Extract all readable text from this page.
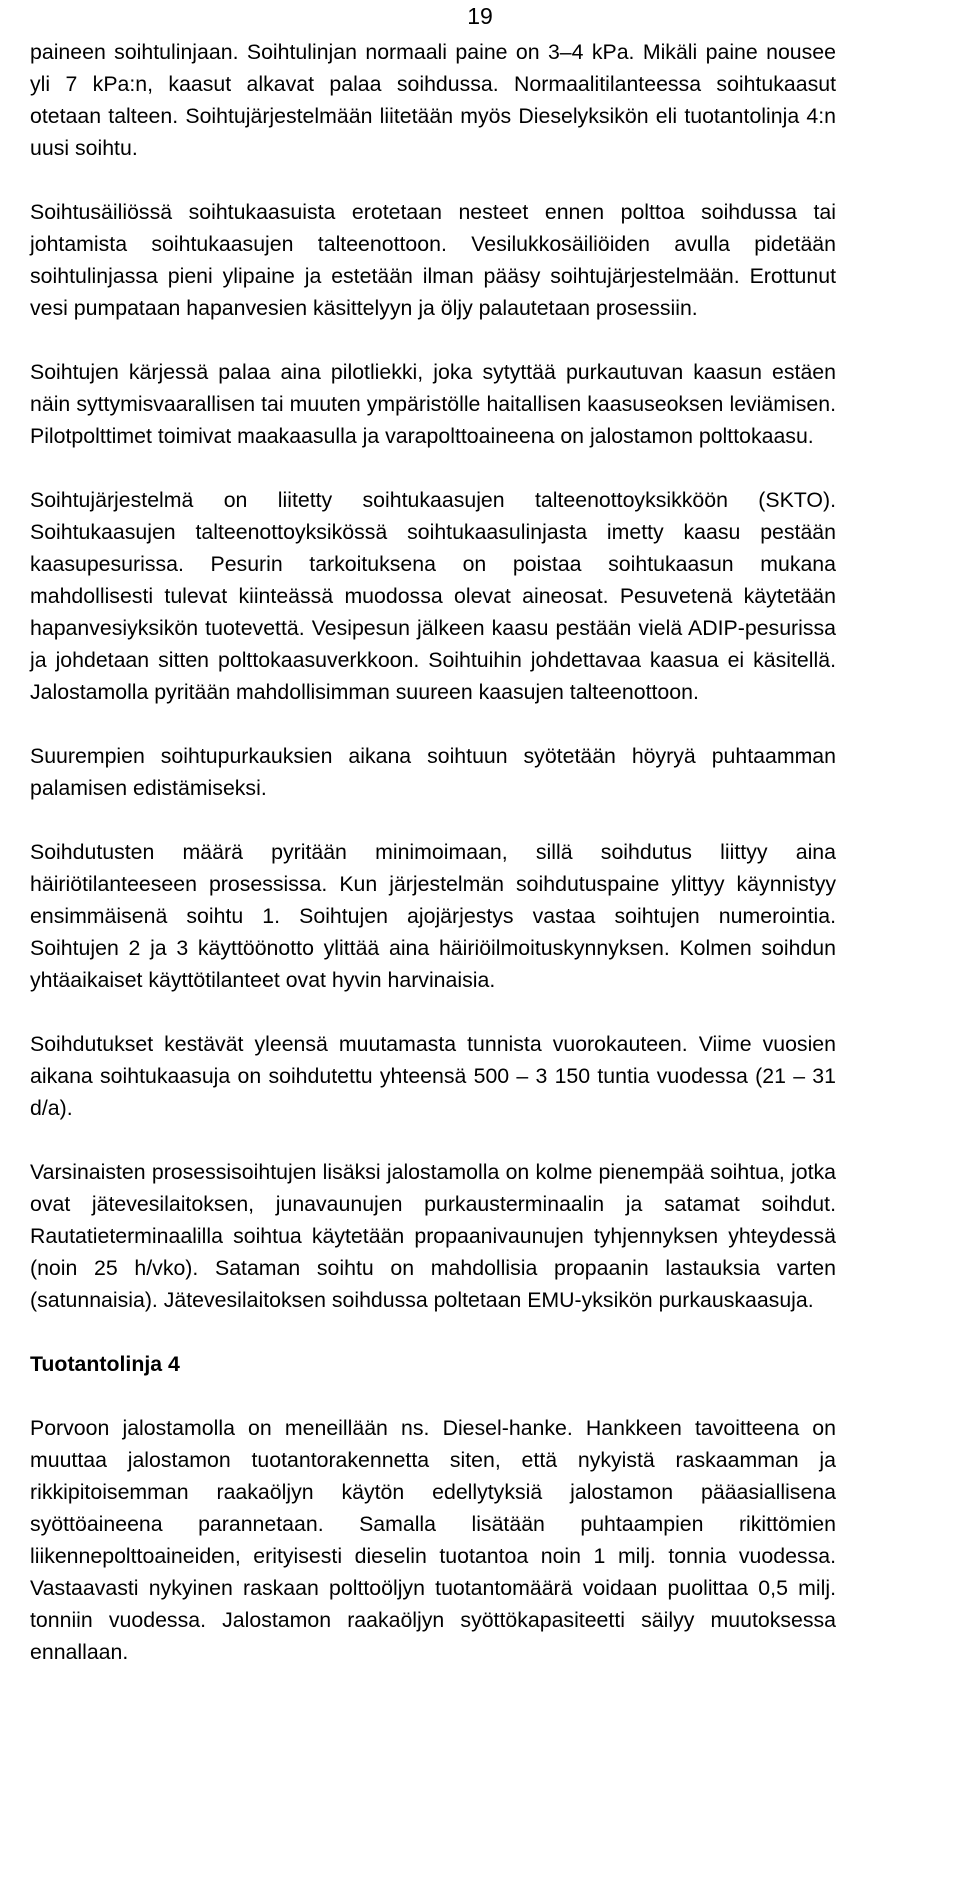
19

paineen soihtulinjaan. Soihtulinjan normaali paine on 3–4 kPa. Mikäli paine nousee yli 7 kPa:n, kaasut alkavat palaa soihdussa. Normaalitilanteessa soihtukaasut otetaan talteen. Soihtujärjestelmään liitetään myös Dieselyksikön eli tuotantolinja 4:n uusi soihtu.

Soihtusäiliössä soihtukaasuista erotetaan nesteet ennen polttoa soihdussa tai johtamista soihtukaasujen talteenottoon. Vesilukkosäiliöiden avulla pidetään soihtulinjassa pieni ylipaine ja estetään ilman pääsy soihtujärjestelmään. Erottunut vesi pumpataan hapanvesien käsittelyyn ja öljy palautetaan prosessiin.

Soihtujen kärjessä palaa aina pilotliekki, joka sytyttää purkautuvan kaasun estäen näin syttymisvaarallisen tai muuten ympäristölle haitallisen kaasuseoksen leviämisen. Pilotpolttimet toimivat maakaasulla ja varapolttoaineena on jalostamon polttokaasu.

Soihtujärjestelmä on liitetty soihtukaasujen talteenottoyksikköön (SKTO). Soihtukaasujen talteenottoyksikössä soihtukaasulinjasta imetty kaasu pestään kaasupesurissa. Pesurin tarkoituksena on poistaa soihtukaasun mukana mahdollisesti tulevat kiinteässä muodossa olevat aineosat. Pesuvetenä käytetään hapanvesiyksikön tuotevettä. Vesipesun jälkeen kaasu pestään vielä ADIP-pesurissa ja johdetaan sitten polttokaasuverkkoon. Soihtuihin johdettavaa kaasua ei käsitellä. Jalostamolla pyritään mahdollisimman suureen kaasujen talteenottoon.

Suurempien soihtupurkauksien aikana soihtuun syötetään höyryä puhtaamman palamisen edistämiseksi.

Soihdutusten määrä pyritään minimoimaan, sillä soihdutus liittyy aina häiriötilanteeseen prosessissa. Kun järjestelmän soihdutuspaine ylittyy käynnistyy ensimmäisenä soihtu 1. Soihtujen ajojärjestys vastaa soihtujen numerointia. Soihtujen 2 ja 3 käyttöönotto ylittää aina häiriöilmoituskynnyksen. Kolmen soihdun yhtäaikaiset käyttötilanteet ovat hyvin harvinaisia.

Soihdutukset kestävät yleensä muutamasta tunnista vuorokauteen. Viime vuosien aikana soihtukaasuja on soihdutettu yhteensä 500 – 3 150 tuntia vuodessa (21 – 31 d/a).

Varsinaisten prosessisoihtujen lisäksi jalostamolla on kolme pienempää soihtua, jotka ovat jätevesilaitoksen, junavaunujen purkausterminaalin ja satamat soihdut. Rautatieterminaalilla soihtua käytetään propaanivaunujen tyhjennyksen yhteydessä (noin 25 h/vko). Sataman soihtu on mahdollisia propaanin lastauksia varten (satunnaisia). Jätevesilaitoksen soihdussa poltetaan EMU-yksikön purkauskaasuja.

Tuotantolinja 4

Porvoon jalostamolla on meneillään ns. Diesel-hanke. Hankkeen tavoitteena on muuttaa jalostamon tuotantorakennetta siten, että nykyistä raskaamman ja rikkipitoisemman raakaöljyn käytön edellytyksiä jalostamon pääasiallisena syöttöaineena parannetaan. Samalla lisätään puhtaampien rikittömien liikennepolttoaineiden, erityisesti dieselin tuotantoa noin 1 milj. tonnia vuodessa. Vastaavasti nykyinen raskaan polttoöljyn tuotantomäärä voidaan puolittaa 0,5 milj. tonniin vuodessa. Jalostamon raakaöljyn syöttökapasiteetti säilyy muutoksessa ennallaan.
